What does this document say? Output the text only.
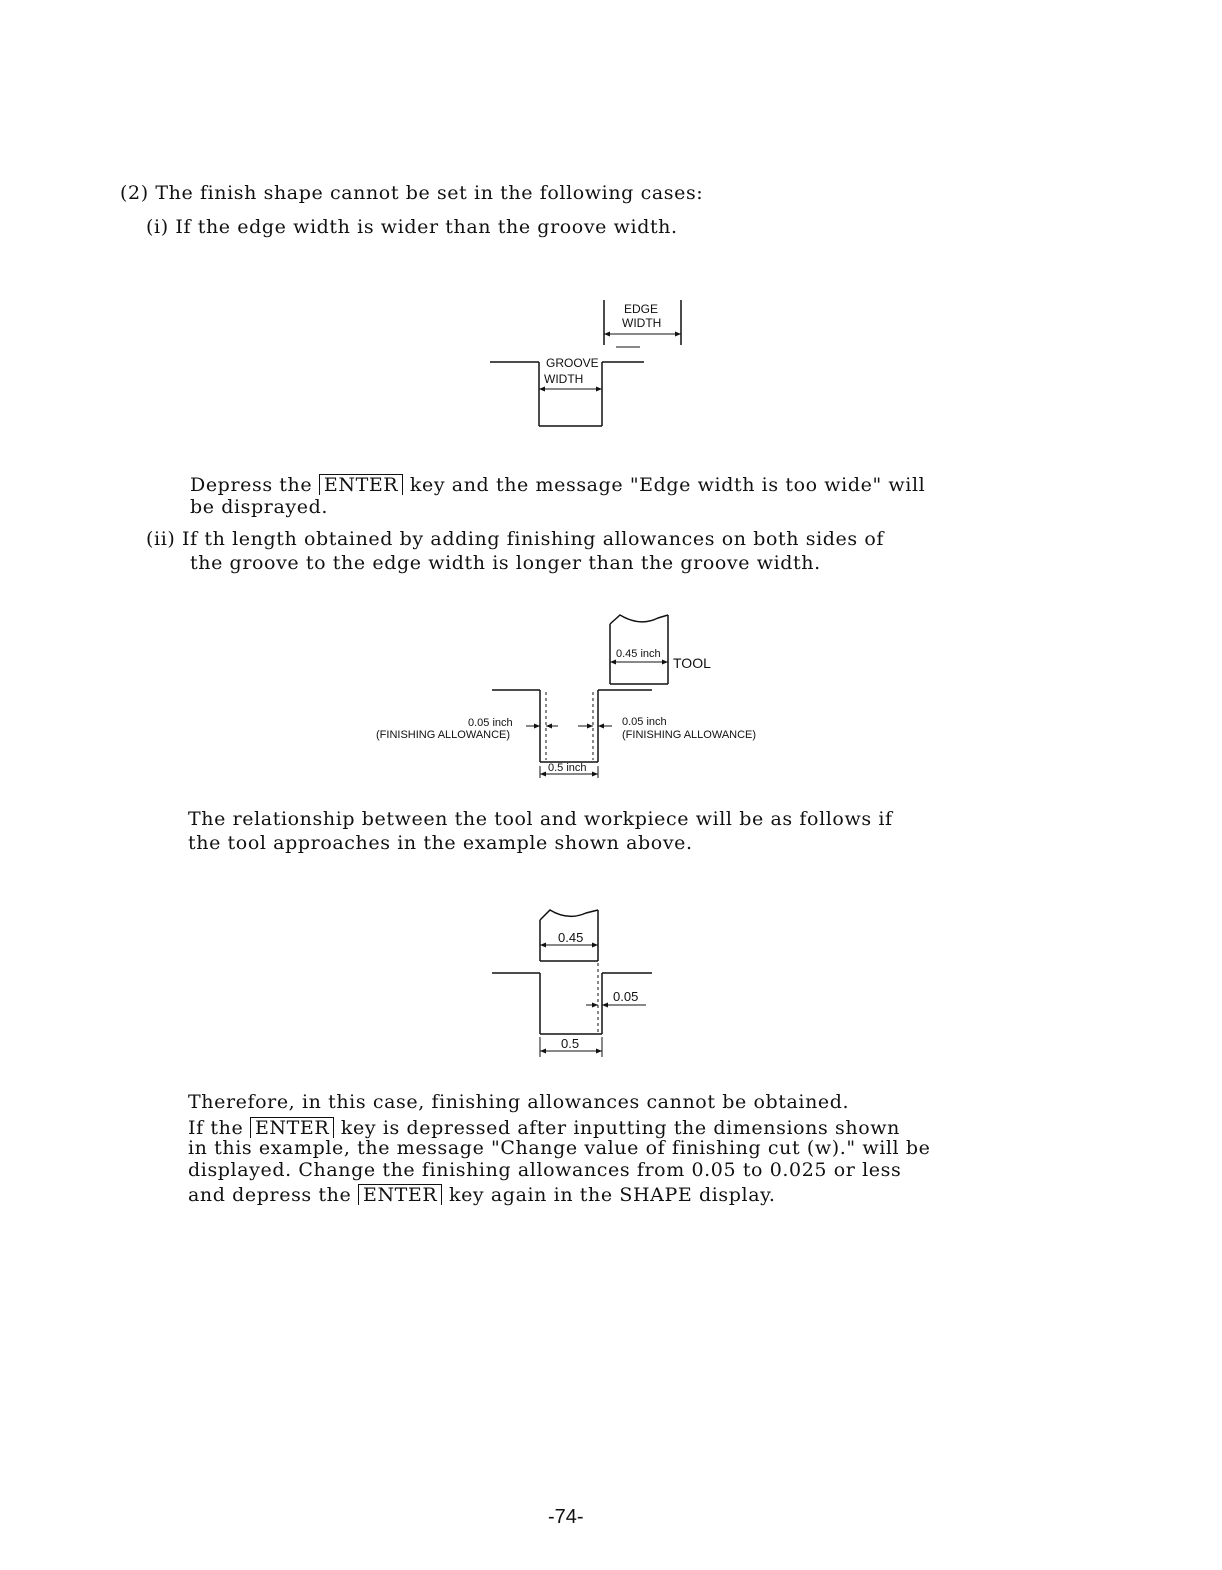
(2) The finish shape cannot be set in the following cases:
(i) If the edge width is wider than the groove width.
EDGE
WIDTH
GROOVE
WIDTH
Depress the ENTER key and the message "Edge width is too wide" will
be disprayed.
(ii) If th length obtained by adding finishing allowances on both sides of
the groove to the edge width is longer than the groove width.
0.45 inch
TOOL
0.05 inch
(FINISHING ALLOWANCE)
0.05 inch
(FINISHING ALLOWANCE)
0.5 inch
The relationship between the tool and workpiece will be as follows if
the tool approaches in the example shown above.
0.45
0.05
0.5
Therefore, in this case, finishing allowances cannot be obtained.
If the ENTER key is depressed after inputting the dimensions shown
in this example, the message "Change value of finishing cut (w)." will be
displayed. Change the finishing allowances from 0.05 to 0.025 or less
and depress the ENTER key again in the SHAPE display.
-74-
